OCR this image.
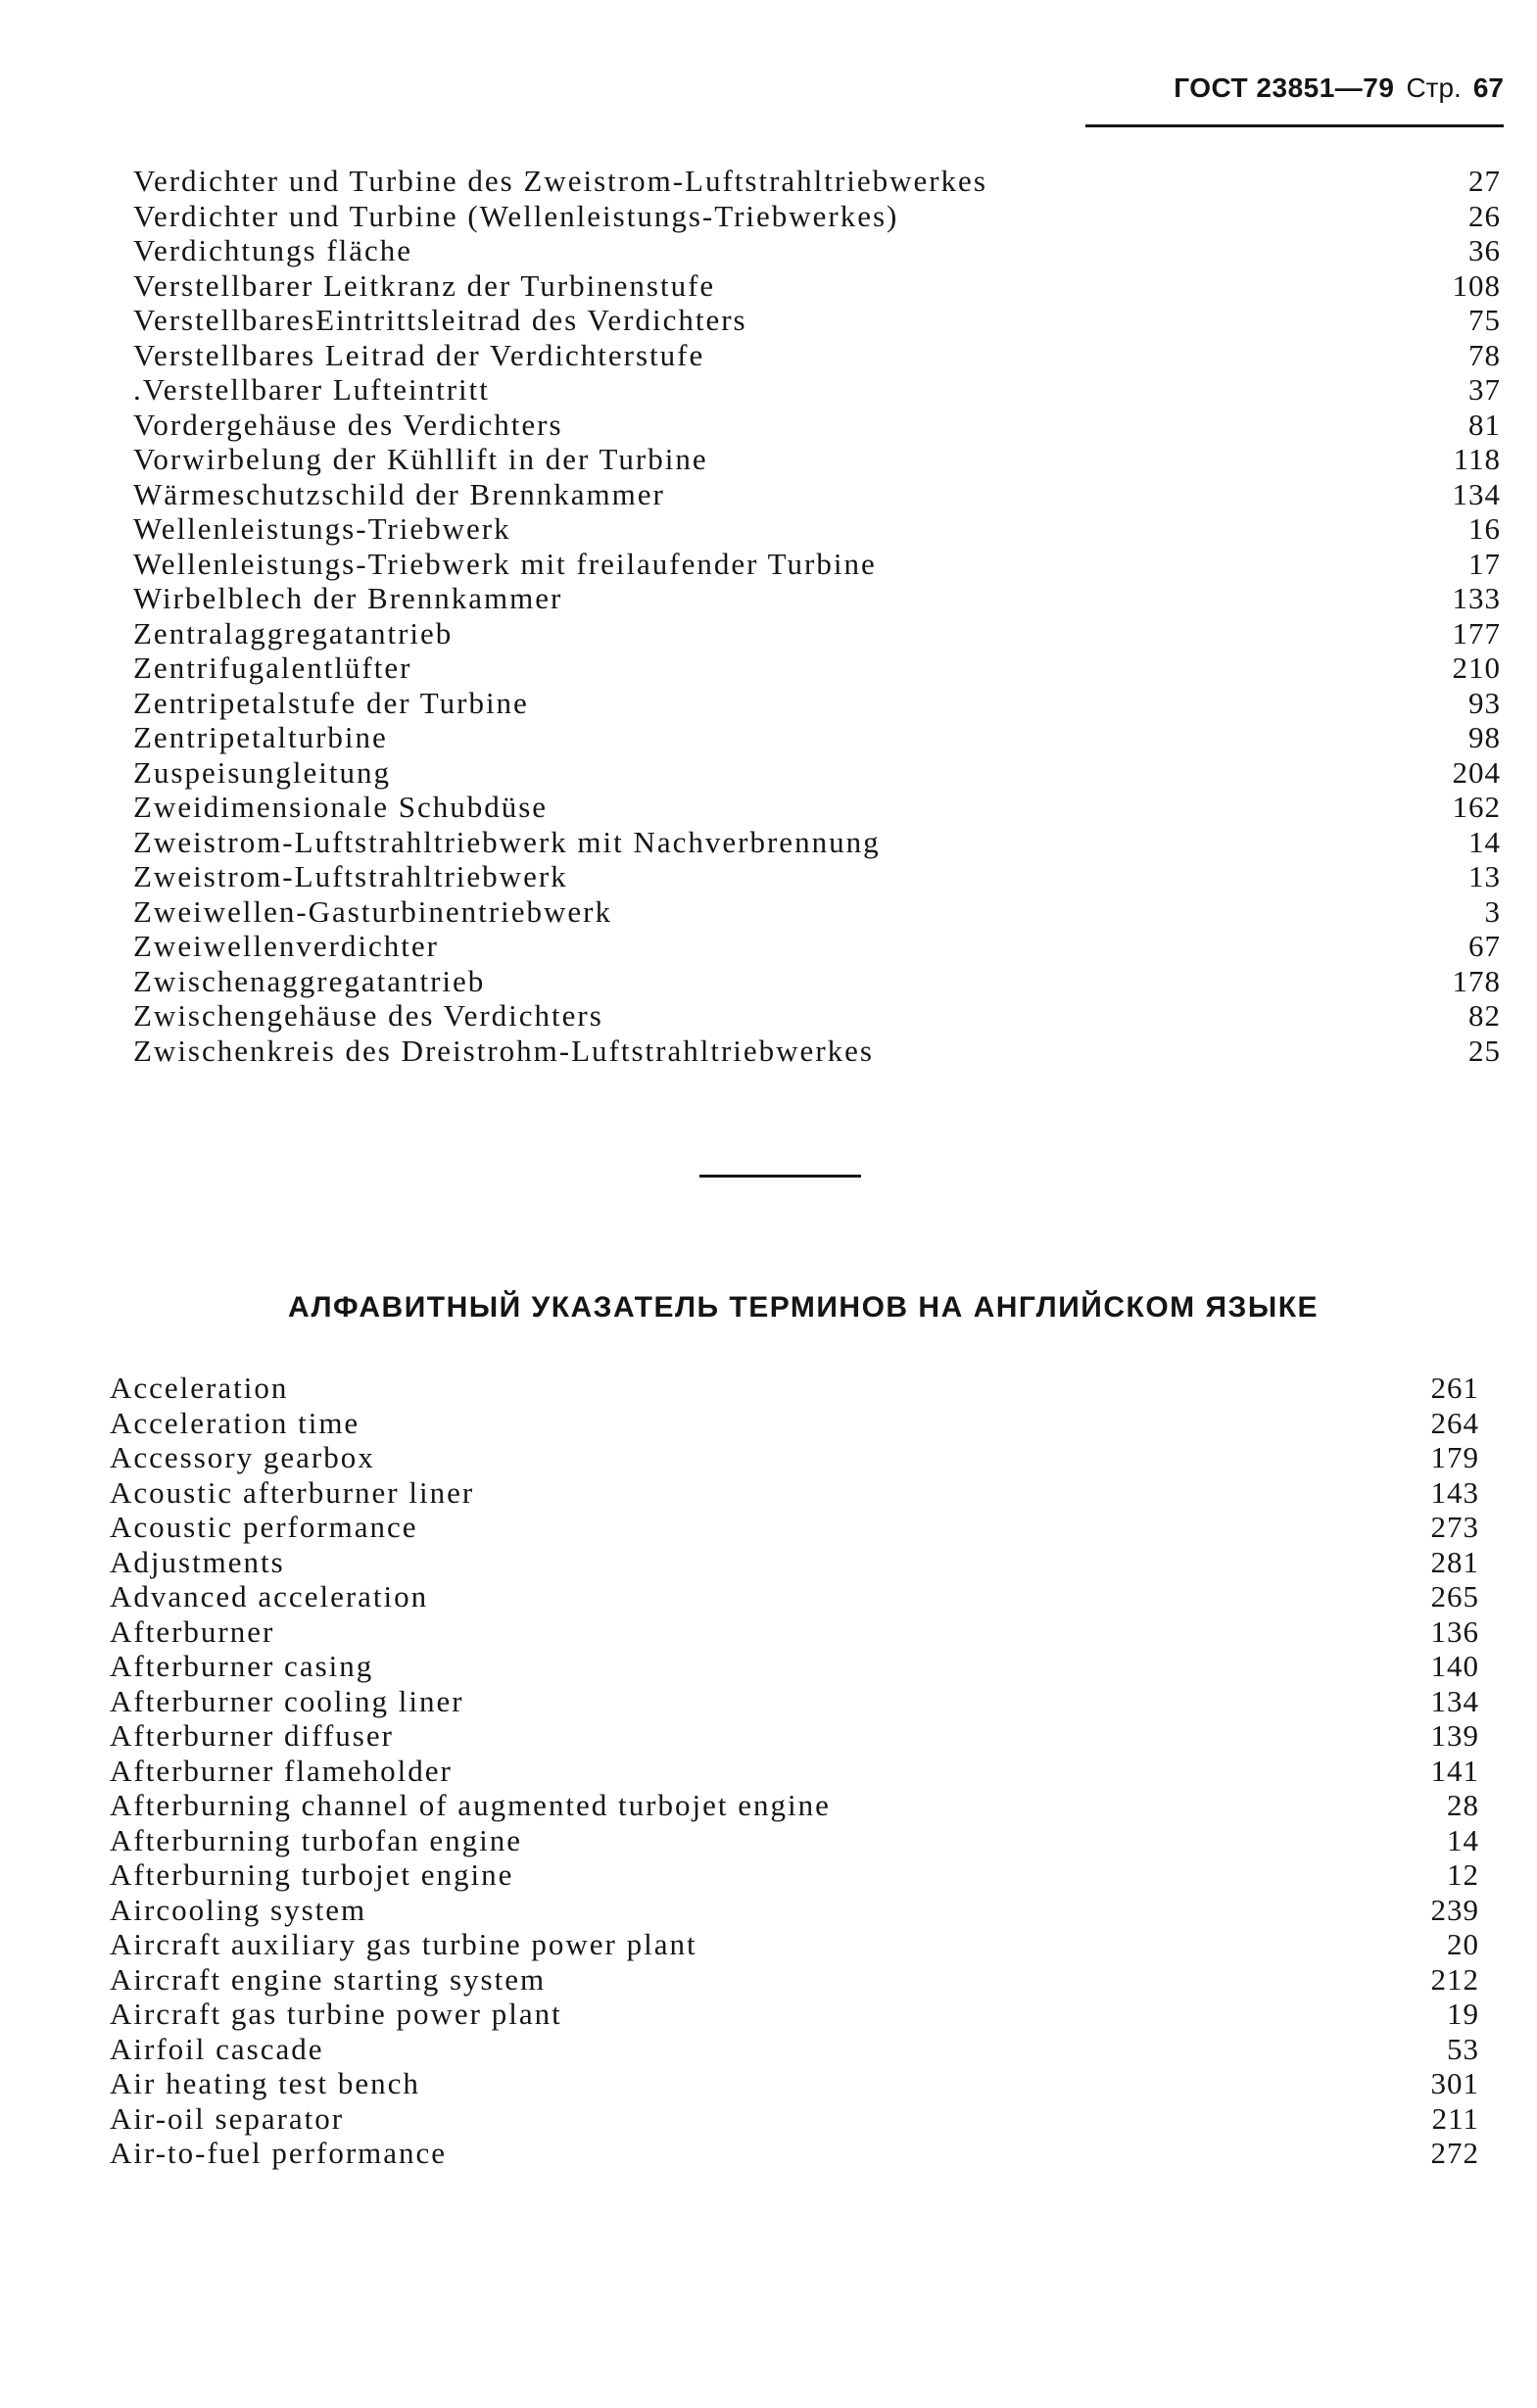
ГОСТ 23851—79 Стр. 67
Verdichter und Turbine des Zweistrom-Luftstrahltriebwerkes	27
Verdichter und Turbine (Wellenleistungs-Triebwerkes)	26
Verdichtungs fläche	36
Verstellbarer Leitkranz der Turbinenstufe	108
VerstellbaresEintrittsleitrad des Verdichters	75
Verstellbares Leitrad der Verdichterstufe	78
.Verstellbarer Lufteintritt	37
Vordergehäuse des Verdichters	81
Vorwirbelung der Kühllift in der Turbine	118
Wärmeschutzschild der Brennkammer	134
Wellenleistungs-Triebwerk	16
Wellenleistungs-Triebwerk mit freilaufender Turbine	17
Wirbelblech der Brennkammer	133
Zentralaggregatantrieb	177
Zentrifugalentlüfter	210
Zentripetalstufe der Turbine	93
Zentripetalturbine	98
Zuspeisungleitung	204
Zweidimensionale Schubdüse	162
Zweistrom-Luftstrahltriebwerk mit Nachverbrennung	14
Zweistrom-Luftstrahltriebwerk	13
Zweiwellen-Gasturbinentriebwerk	3
Zweiwellenverdichter	67
Zwischenaggregatantrieb	178
Zwischengehäuse des Verdichters	82
Zwischenkreis des Dreistrohm-Luftstrahltriebwerkes	25
АЛФАВИТНЫЙ УКАЗАТЕЛЬ ТЕРМИНОВ НА АНГЛИЙСКОМ ЯЗЫКЕ
Acceleration	261
Acceleration time	264
Accessory gearbox	179
Acoustic afterburner liner	143
Acoustic performance	273
Adjustments	281
Advanced acceleration	265
Afterburner	136
Afterburner casing	140
Afterburner cooling liner	134
Afterburner diffuser	139
Afterburner flameholder	141
Afterburning channel of augmented turbojet engine	28
Afterburning turbofan engine	14
Afterburning turbojet engine	12
Aircooling system	239
Aircraft auxiliary gas turbine power plant	20
Aircraft engine starting system	212
Aircraft gas turbine power plant	19
Airfoil cascade	53
Air heating test bench	301
Air-oil separator	211
Air-to-fuel performance	272
